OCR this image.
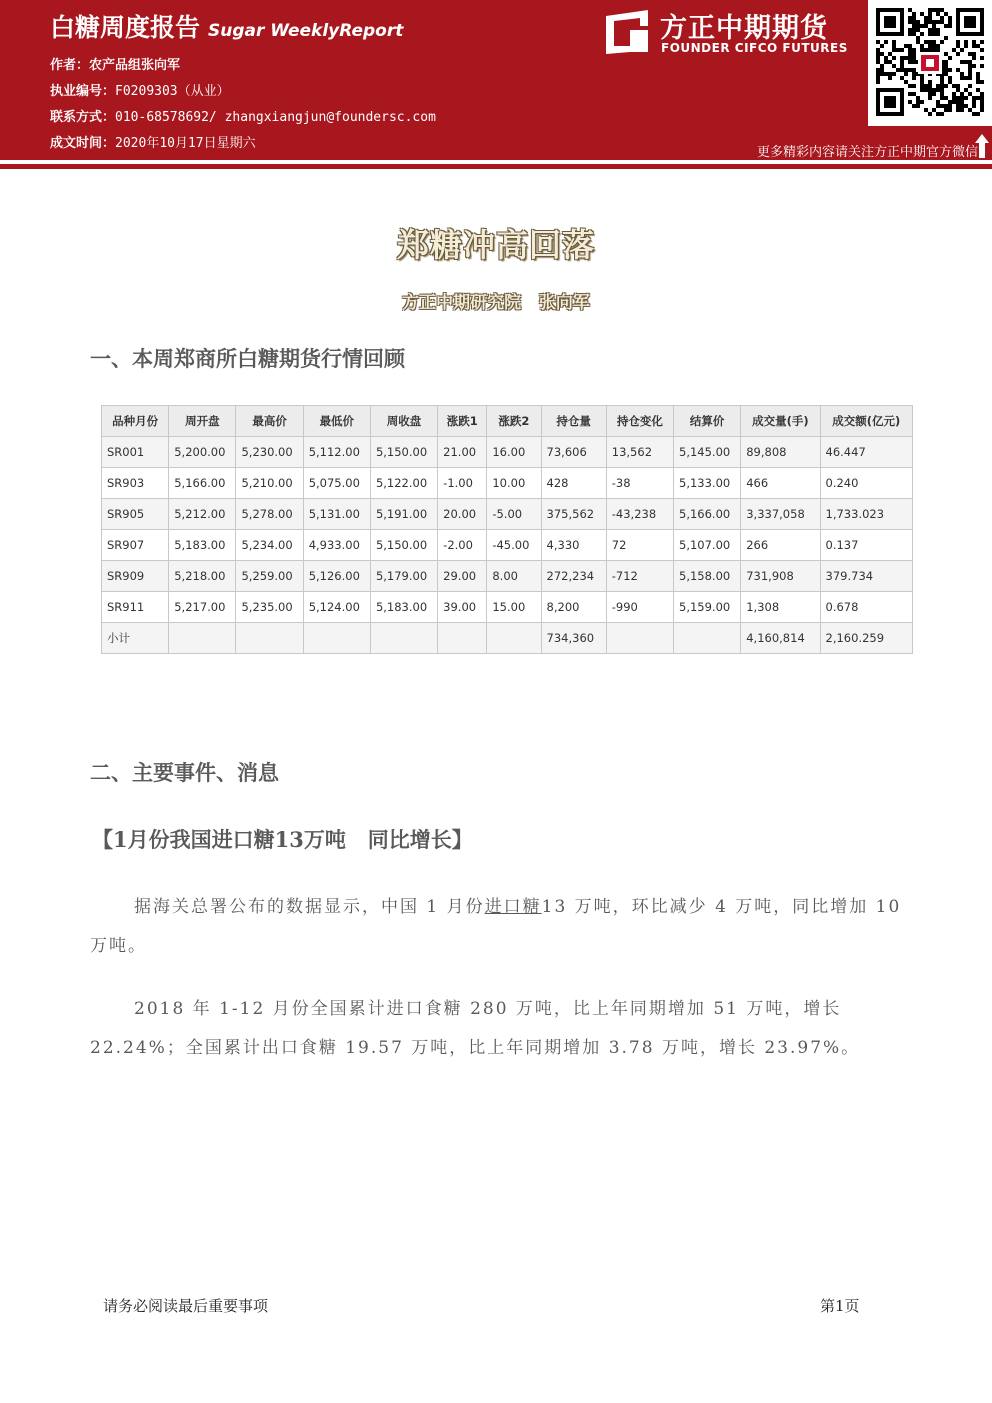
白糖周度报告 Sugar WeeklyReport
作者：农产品组张向军
执业编号：F0209303（从业）
联系方式：010-68578692/ zhangxiangjun@foundersc.com
成文时间：2020年10月17日星期六
方正中期期货
FOUNDER CIFCO FUTURES
更多精彩内容请关注方正中期官方微信
郑糖冲高回落
方正中期研究院   张向军
一、本周郑商所白糖期货行情回顾
品种月份	周开盘	最高价	最低价	周收盘	涨跌1	涨跌2	持仓量	持仓变化	结算价	成交量(手)	成交额(亿元)
SR001	5,200.00	5,230.00	5,112.00	5,150.00	21.00	16.00	73,606	13,562	5,145.00	89,808	46.447
SR903	5,166.00	5,210.00	5,075.00	5,122.00	-1.00	10.00	428	-38	5,133.00	466	0.240
SR905	5,212.00	5,278.00	5,131.00	5,191.00	20.00	-5.00	375,562	-43,238	5,166.00	3,337,058	1,733.023
SR907	5,183.00	5,234.00	4,933.00	5,150.00	-2.00	-45.00	4,330	72	5,107.00	266	0.137
SR909	5,218.00	5,259.00	5,126.00	5,179.00	29.00	8.00	272,234	-712	5,158.00	731,908	379.734
SR911	5,217.00	5,235.00	5,124.00	5,183.00	39.00	15.00	8,200	-990	5,159.00	1,308	0.678
小计							734,360			4,160,814	2,160.259
二、主要事件、消息
【1月份我国进口糖13万吨   同比增长】
据海关总署公布的数据显示，中国 1 月份进口糖13 万吨，环比减少 4 万吨，同比增加 10 万吨。
2018 年 1-12 月份全国累计进口食糖 280 万吨，比上年同期增加 51 万吨，增长 22.24%；全国累计出口食糖 19.57 万吨，比上年同期增加 3.78 万吨，增长 23.97%。
请务必阅读最后重要事项	第1页
